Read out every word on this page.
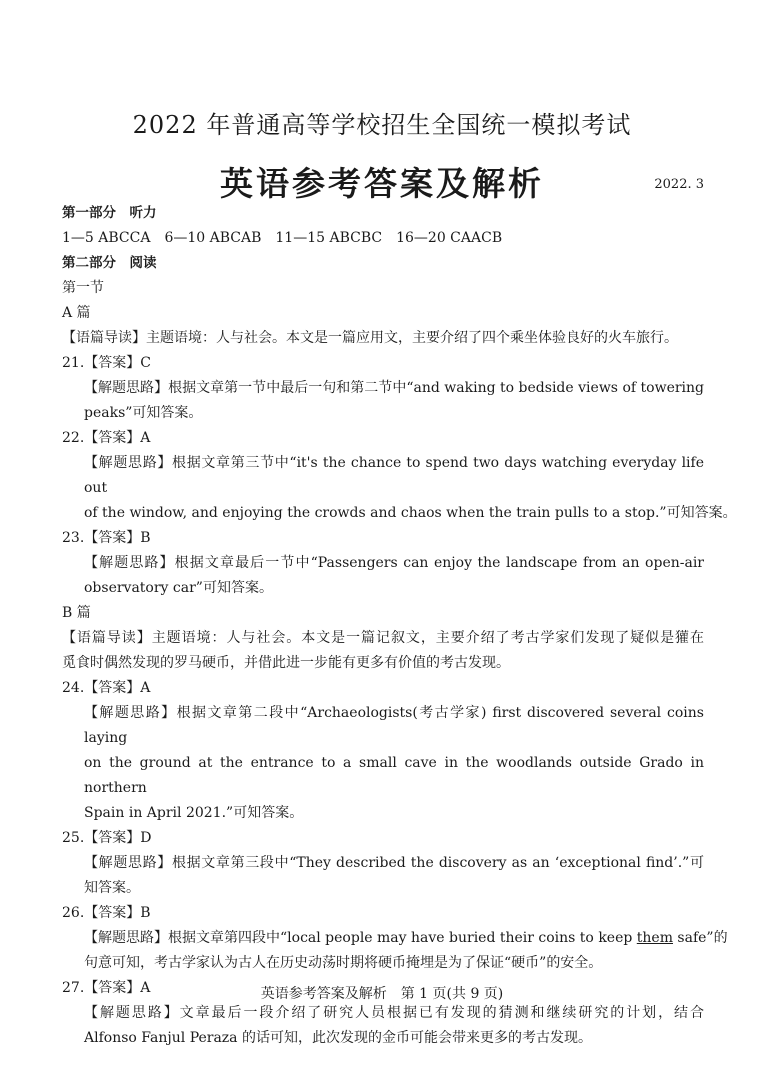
2022 年普通高等学校招生全国统一模拟考试
英语参考答案及解析	2022. 3
第一部分　听力
1—5 ABCCA　6—10 ABCAB　11—15 ABCBC　16—20 CAACB
第二部分　阅读
第一节
A 篇
【语篇导读】主题语境：人与社会。本文是一篇应用文，主要介绍了四个乘坐体验良好的火车旅行。
21.【答案】C
【解题思路】根据文章第一节中最后一句和第二节中“and waking to bedside views of towering
peaks”可知答案。
22.【答案】A
【解题思路】根据文章第三节中“it's the chance to spend two days watching everyday life out
of the window, and enjoying the crowds and chaos when the train pulls to a stop.”可知答案。
23.【答案】B
【解题思路】根据文章最后一节中“Passengers can enjoy the landscape from an open-air
observatory car”可知答案。
B 篇
【语篇导读】主题语境：人与社会。本文是一篇记叙文，主要介绍了考古学家们发现了疑似是獾在
觅食时偶然发现的罗马硬币，并借此进一步能有更多有价值的考古发现。
24.【答案】A
【解题思路】根据文章第二段中“Archaeologists(考古学家) first discovered several coins laying
on the ground at the entrance to a small cave in the woodlands outside Grado in northern
Spain in April 2021.”可知答案。
25.【答案】D
【解题思路】根据文章第三段中“They described the discovery as an ‘exceptional find’.”可
知答案。
26.【答案】B
【解题思路】根据文章第四段中“local people may have buried their coins to keep them safe”的
句意可知，考古学家认为古人在历史动荡时期将硬币掩埋是为了保证“硬币”的安全。
27.【答案】A
【解题思路】文章最后一段介绍了研究人员根据已有发现的猜测和继续研究的计划，结合
Alfonso Fanjul Peraza 的话可知，此次发现的金币可能会带来更多的考古发现。
英语参考答案及解析　第 1 页(共 9 页)
